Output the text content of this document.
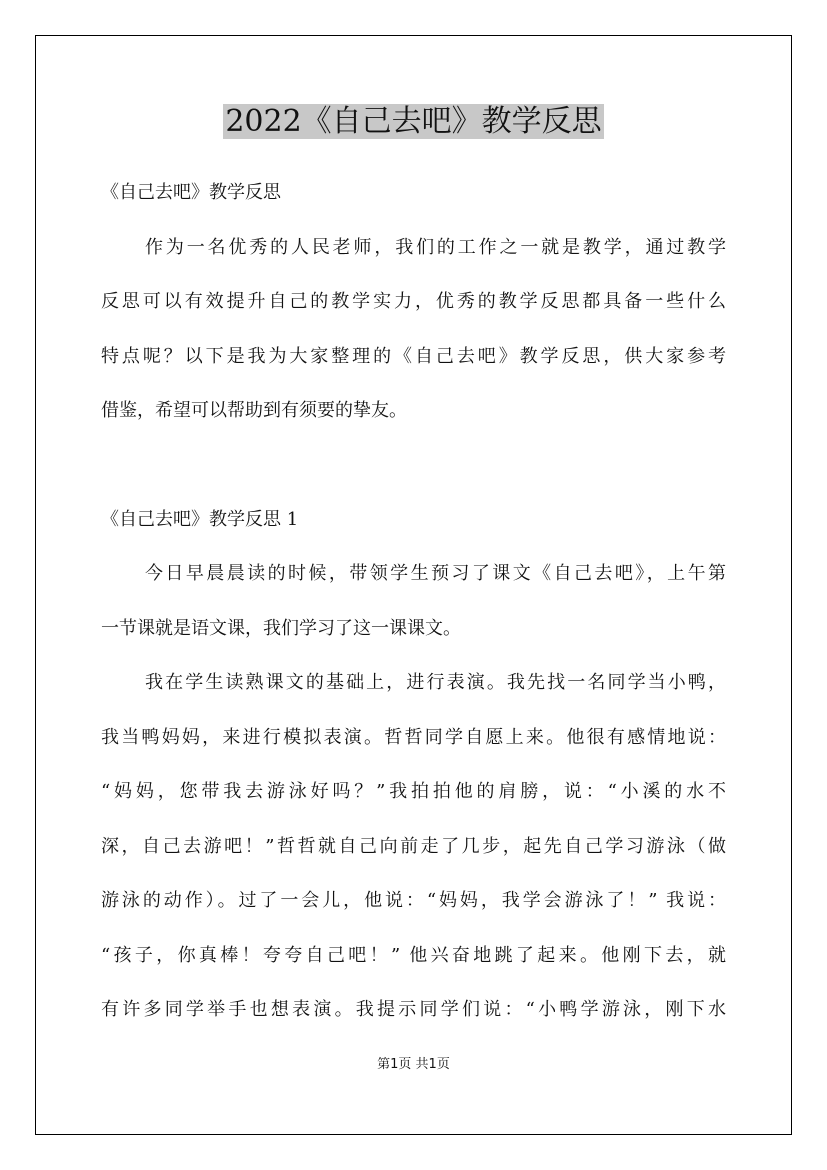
2022《自己去吧》教学反思
《自己去吧》教学反思
作为一名优秀的人民老师，我们的工作之一就是教学，通过教学
反思可以有效提升自己的教学实力，优秀的教学反思都具备一些什么
特点呢？以下是我为大家整理的《自己去吧》教学反思，供大家参考
借鉴，希望可以帮助到有须要的挚友。
《自己去吧》教学反思 1
今日早晨晨读的时候，带领学生预习了课文《自己去吧》，上午第
一节课就是语文课，我们学习了这一课课文。
我在学生读熟课文的基础上，进行表演。我先找一名同学当小鸭，
我当鸭妈妈，来进行模拟表演。哲哲同学自愿上来。他很有感情地说：
“妈妈，您带我去游泳好吗？”我拍拍他的肩膀，说：“小溪的水不
深，自己去游吧！”哲哲就自己向前走了几步，起先自己学习游泳（做
游泳的动作）。过了一会儿，他说：“妈妈，我学会游泳了！” 我说：
“孩子，你真棒！夸夸自己吧！” 他兴奋地跳了起来。他刚下去，就
有许多同学举手也想表演。我提示同学们说：“小鸭学游泳，刚下水
第1页 共1页
